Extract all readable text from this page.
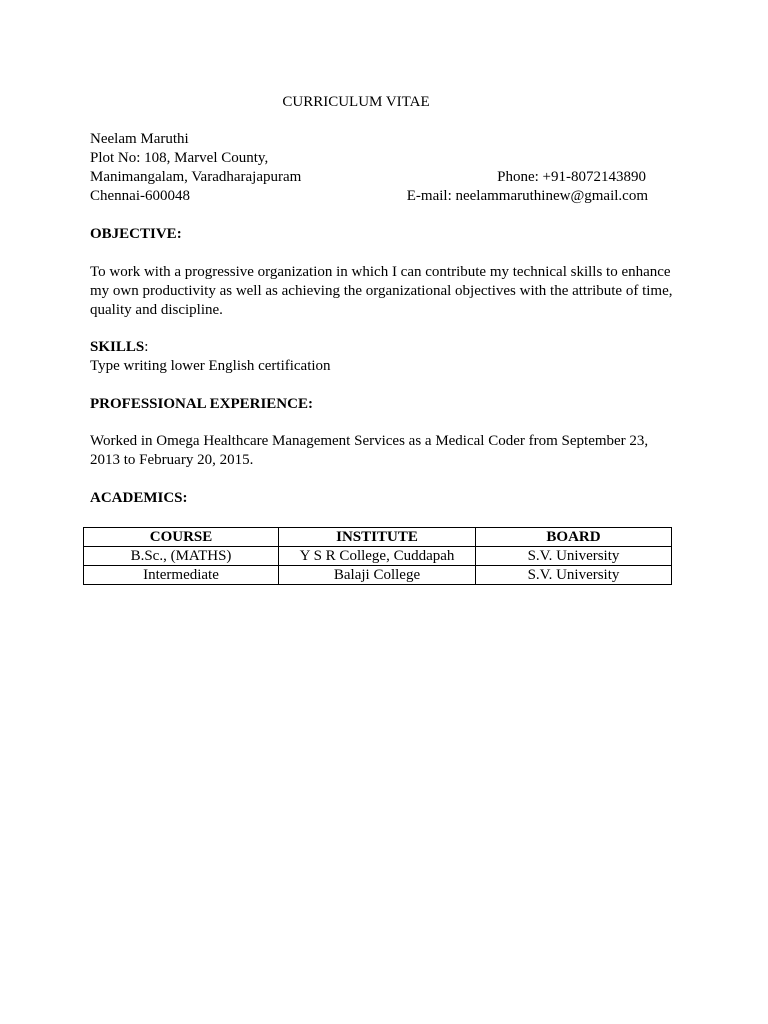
CURRICULUM VITAE
Neelam Maruthi
Plot No: 108, Marvel County,
Manimangalam, Varadharajapuram
Chennai-600048
Phone: +91-8072143890
E-mail: neelammaruthinew@gmail.com
OBJECTIVE:
To work with a progressive organization in which I can contribute my technical skills to enhance my own productivity as well as achieving the organizational objectives with the attribute of time, quality and discipline.
SKILLS:
Type writing lower English certification
PROFESSIONAL EXPERIENCE:
Worked in Omega Healthcare Management Services as a Medical Coder from September 23, 2013 to February 20, 2015.
ACADEMICS:
COURSE	INSTITUTE	BOARD
B.Sc., (MATHS)	Y S R College, Cuddapah	S.V. University
Intermediate	Balaji College	S.V. University
